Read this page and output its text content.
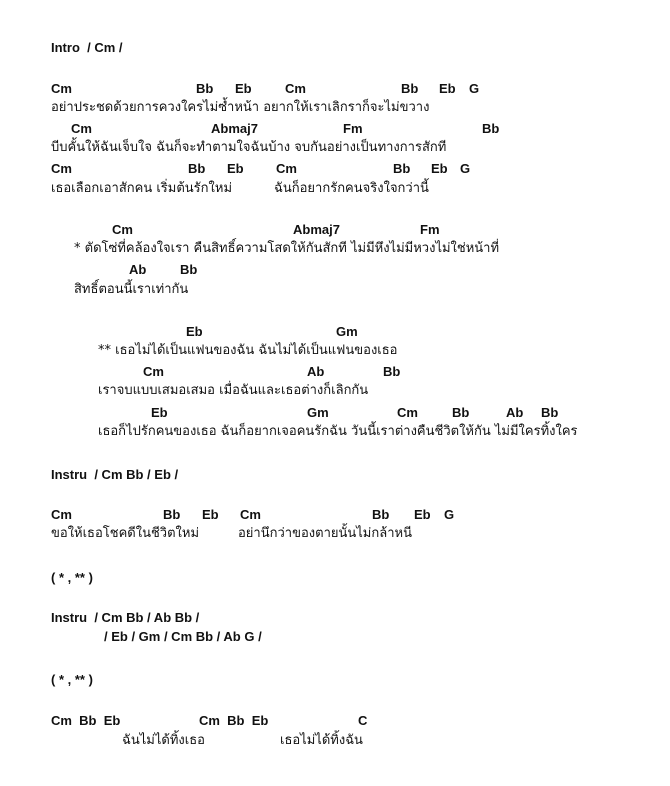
Intro  / Cm /
Cm	Bb Eb	Cm	Bb Eb G
อย่าประชดด้วยการควงใครไม่ซ้ำหน้า อยากให้เราเลิกราก็จะไม่ขวาง
Cm	Abmaj7	Fm	Bb
บีบคั้นให้ฉันเจ็บใจ ฉันก็จะทำตามใจฉันบ้าง จบกันอย่างเป็นทางการสักที
Cm	Bb Eb Cm	Bb Eb G
เธอเลือกเอาสักคน เริ่มต้นรักใหม่	ฉันก็อยากรักคนจริงใจกว่านี้
Cm	Abmaj7	Fm
* ตัดโซ่ที่คล้องใจเรา คืนสิทธิ์ความโสดให้กันสักที ไม่มีหึงไม่มีหวงไม่ใช่หน้าที่
Ab	Bb
สิทธิ์ตอนนี้เราเท่ากัน
Eb	Gm
** เธอไม่ได้เป็นแฟนของฉัน ฉันไม่ได้เป็นแฟนของเธอ
Cm	Ab	Bb
เราจบแบบเสมอเสมอ เมื่อฉันและเธอต่างก็เลิกกัน
Eb	Gm	Cm	Bb	Ab Bb
เธอก็ไปรักคนของเธอ ฉันก็อยากเจอคนรักฉัน วันนี้เราต่างคืนชีวิตให้กัน ไม่มีใครทิ้งใคร
Instru  / Cm Bb / Eb /
Cm	Bb Eb Cm	Bb Eb G
ขอให้เธอโชคดีในชีวิตใหม่	อย่านึกว่าของตายนั้นไม่กล้าหนี
( * , ** )
Instru  / Cm Bb / Ab Bb /
/ Eb / Gm / Cm Bb / Ab G /
( * , ** )
Cm  Bb  Eb	Cm  Bb  Eb	C
ฉันไม่ได้ทิ้งเธอ	เธอไม่ได้ทิ้งฉัน
